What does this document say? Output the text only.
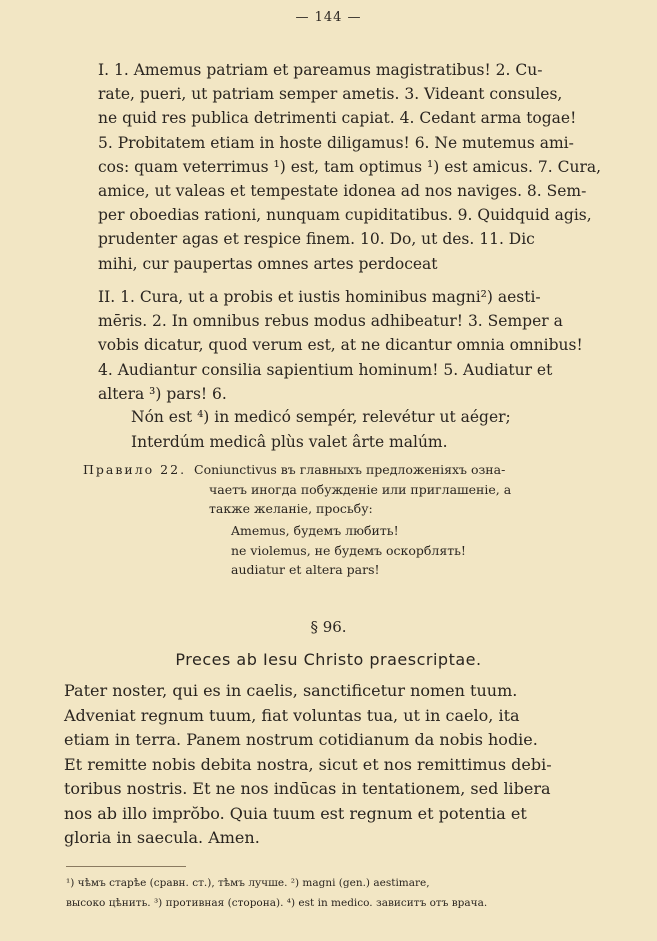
— 144 —
I. 1. Amemus patriam et pareamus magistratibus! 2. Cu-
rate, pueri, ut patriam semper ametis. 3. Videant consules,
ne quid res publica detrimenti capiat. 4. Cedant arma togae!
5. Probitatem etiam in hoste diligamus! 6. Ne mutemus ami-
cos: quam veterrimus ¹) est, tam optimus ¹) est amicus. 7. Cura,
amice, ut valeas et tempestate idonea ad nos naviges. 8. Sem-
per oboedias rationi, nunquam cupiditatibus. 9. Quidquid agis,
prudenter agas et respice finem. 10. Do, ut des. 11. Dic
mihi, cur paupertas omnes artes perdoceat
II. 1. Cura, ut a probis et iustis hominibus magni²) aesti-
mēris. 2. In omnibus rebus modus adhibeatur! 3. Semper a
vobis dicatur, quod verum est, at ne dicantur omnia omnibus!
4. Audiantur consilia sapientium hominum! 5. Audiatur et
altera ³) pars! 6.
Nón est ⁴) in medicó sempér, relevétur ut aéger;
Interdúm medicâ plùs valet ârte malúm.
Правило 22. Coniunctivus въ главныхъ предложеніяхъ озна-
чаетъ иногда побужденіе или приглашеніе, а
также желаніе, просьбу:
Amemus, будемъ любить!
ne violemus, не будемъ оскорблять!
audiatur et altera pars!
§ 96.
Preces ab Iesu Christo praescriptae.
Pater noster, qui es in caelis, sanctificetur nomen tuum.
Adveniat regnum tuum, fiat voluntas tua, ut in caelo, ita
etiam in terra. Panem nostrum cotidianum da nobis hodie.
Et remitte nobis debita nostra, sicut et nos remittimus debi-
toribus nostris. Et ne nos indūcas in tentationem, sed libera
nos ab illo imprŏbo. Quia tuum est regnum et potentia et
gloria in saecula. Amen.
¹) чѣмъ старѣе (сравн. ст.), тѣмъ лучше. ²) magni (gen.) aestimare,
высоко цѣнить. ³) противная (сторона). ⁴) est in medico. зависитъ отъ врача.
